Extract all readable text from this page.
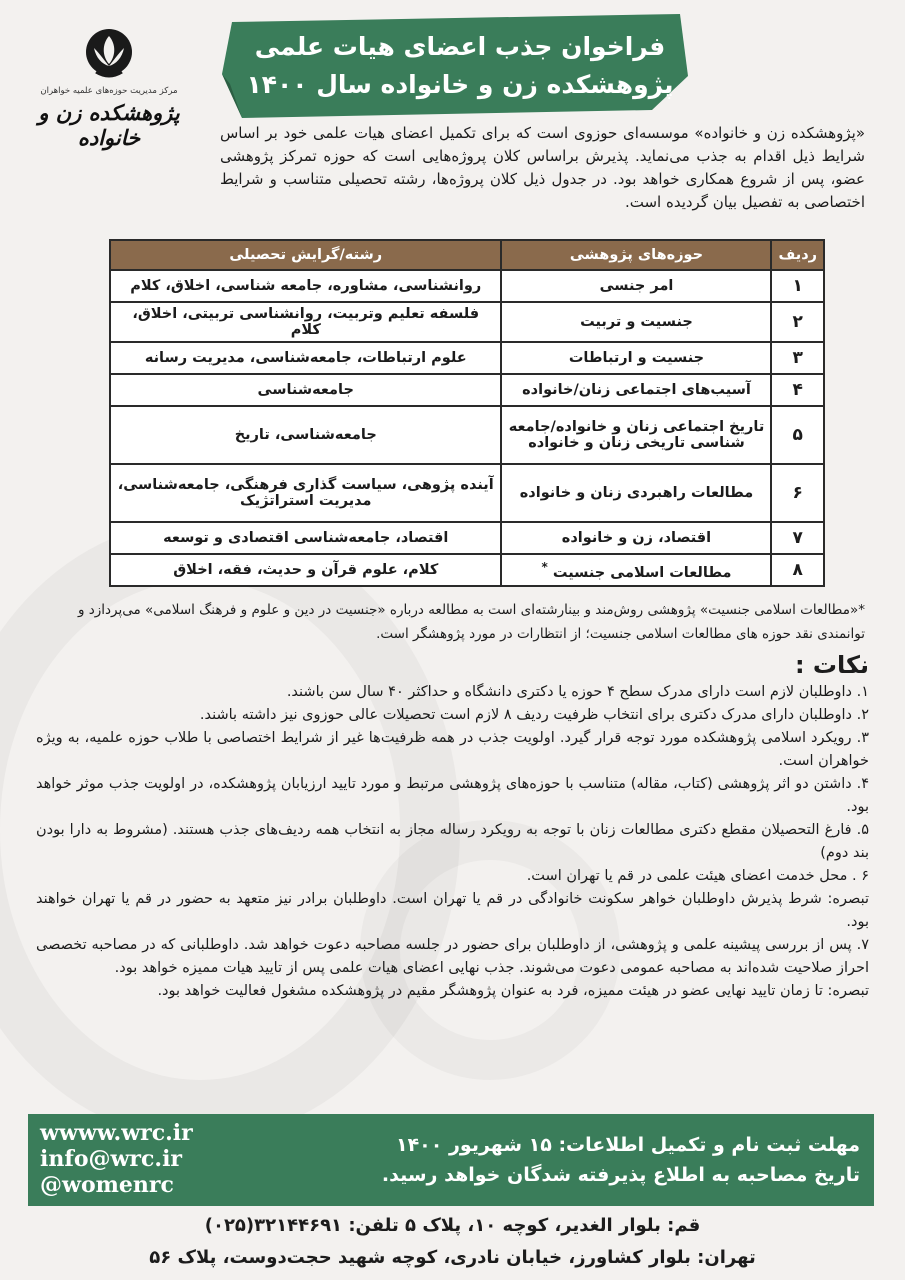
فراخوان جذب اعضای هیات علمی
پژوهشکده زن و خانواده سال ۱۴۰۰
مرکز مدیریت حوزه‌های علمیه خواهران
پژوهشکده زن و خانواده	«پژوهشکده زن و خانواده» موسسه‌ای حوزوی است که برای تکمیل اعضای هیات علمی خود بر اساس شرایط ذیل اقدام به جذب می‌نماید. پذیرش براساس کلان پروژه‌هایی است که حوزه تمرکز پژوهشی عضو، پس از شروع همکاری خواهد بود. در جدول ذیل کلان پروژه‌ها، رشته تحصیلی متناسب و شرایط اختصاصی به تفصیل بیان گردیده است.
ردیف	حوزه‌های پژوهشی	رشته/گرایش تحصیلی
۱	امر جنسی	روانشناسی، مشاوره، جامعه شناسی، اخلاق، کلام
۲	جنسیت و تربیت	فلسفه تعلیم وتربیت، روانشناسی تربیتی، اخلاق، کلام
۳	جنسیت و ارتباطات	علوم ارتباطات، جامعه‌شناسی، مدیریت رسانه
۴	آسیب‌های اجتماعی زنان/خانواده	جامعه‌شناسی
۵	تاریخ اجتماعی زنان و خانواده/جامعه شناسی تاریخی زنان و خانواده	جامعه‌شناسی، تاریخ
۶	مطالعات راهبردی زنان و خانواده	آینده پژوهی، سیاست گذاری فرهنگی، جامعه‌شناسی، مدیریت استراتژیک
۷	اقتصاد، زن و خانواده	اقتصاد، جامعه‌شناسی اقتصادی و توسعه
۸	مطالعات اسلامی جنسیت *	کلام، علوم قرآن و حدیث، فقه، اخلاق
*«مطالعات اسلامی جنسیت» پژوهشی روش‌مند و بینارشته‌ای است به مطالعه درباره «جنسیت در دین و علوم و فرهنگ اسلامی» می‌پردازد و توانمندی نقد حوزه های مطالعات اسلامی جنسیت؛ از انتظارات در مورد پژوهشگر است.
نکات :

۱. داوطلبان لازم است دارای مدرک سطح ۴ حوزه یا دکتری دانشگاه و حداکثر ۴۰ سال سن باشند.

۲. داوطلبان دارای مدرک دکتری برای انتخاب ظرفیت ردیف ۸ لازم است تحصیلات عالی حوزوی نیز داشته باشند.

۳. رویکرد اسلامی پژوهشکده مورد توجه قرار گیرد. اولویت جذب در همه ظرفیت‌ها غیر از شرایط اختصاصی با طلاب حوزه علمیه، به ویژه خواهران است.

۴. داشتن دو اثر پژوهشی (کتاب، مقاله) متناسب با حوزه‌های پژوهشی مرتبط و مورد تایید ارزیابان پژوهشکده، در اولویت جذب موثر خواهد بود.

۵. فارغ التحصیلان مقطع دکتری مطالعات زنان با توجه به رویکرد رساله مجاز به انتخاب همه ردیف‌های جذب هستند. (مشروط به دارا بودن بند دوم)

۶ . محل خدمت اعضای هیئت علمی در قم یا تهران است.

تبصره: شرط پذیرش داوطلبان خواهر سکونت خانوادگی در قم یا تهران است. داوطلبان برادر نیز متعهد به حضور در قم یا تهران خواهند بود.

۷. پس از بررسی پیشینه علمی و پژوهشی، از داوطلبان برای حضور در جلسه مصاحبه دعوت خواهد شد. داوطلبانی که در مصاحبه تخصصی احراز صلاحیت شده‌اند به مصاحبه عمومی دعوت می‌شوند. جذب نهایی اعضای هیات علمی پس از تایید هیات ممیزه خواهد بود.

تبصره: تا زمان تایید نهایی عضو در هیئت ممیزه، فرد به عنوان پژوهشگر مقیم در پژوهشکده مشغول فعالیت خواهد بود.

wwww.wrc.ir
info@wrc.ir
@womenrc
مهلت ثبت نام و تکمیل اطلاعات: ۱۵ شهریور ۱۴۰۰
تاریخ مصاحبه به اطلاع پذیرفته شدگان خواهد رسید.
قم: بلوار الغدیر، کوچه ۱۰، پلاک ۵ تلفن: ۳۲۱۴۴۶۹۱(۰۲۵)
تهران: بلوار کشاورز، خیابان نادری، کوچه شهید حجت‌دوست، پلاک ۵۶
